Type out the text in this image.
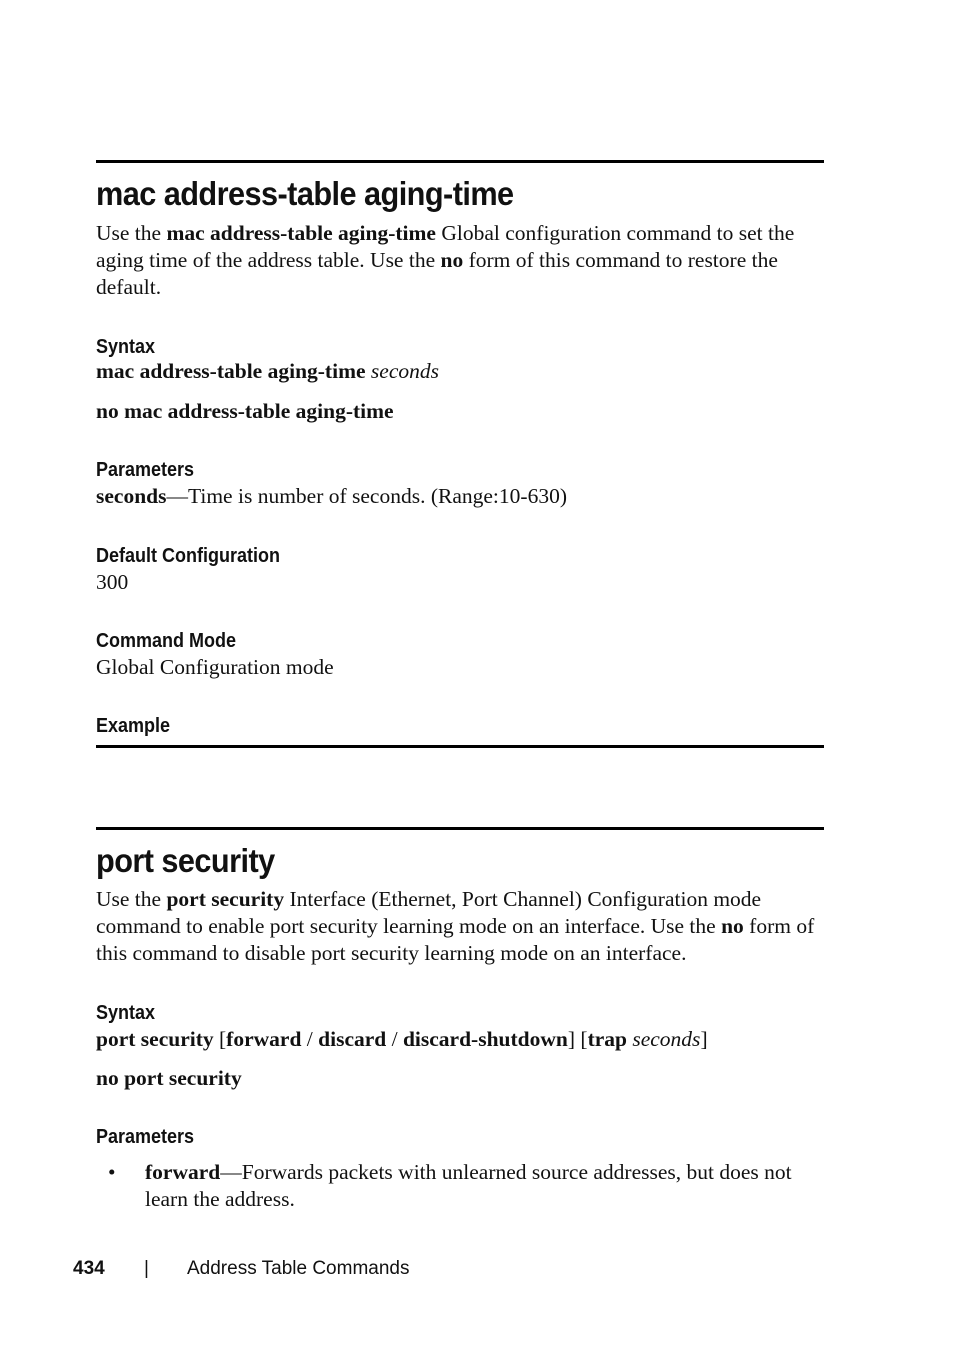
mac address-table aging-time
Use the mac address-table aging-time Global configuration command to set the aging time of the address table. Use the no form of this command to restore the default.
Syntax
mac address-table aging-time seconds
no mac address-table aging-time
Parameters
seconds—Time is number of seconds. (Range:10-630)
Default Configuration
300
Command Mode
Global Configuration mode
Example
port security
Use the port security Interface (Ethernet, Port Channel) Configuration mode command to enable port security learning mode on an interface. Use the no form of this command to disable port security learning mode on an interface.
Syntax
port security [forward / discard / discard-shutdown] [trap seconds]
no port security
Parameters
• forward—Forwards packets with unlearned source addresses, but does not learn the address.
434 | Address Table Commands
